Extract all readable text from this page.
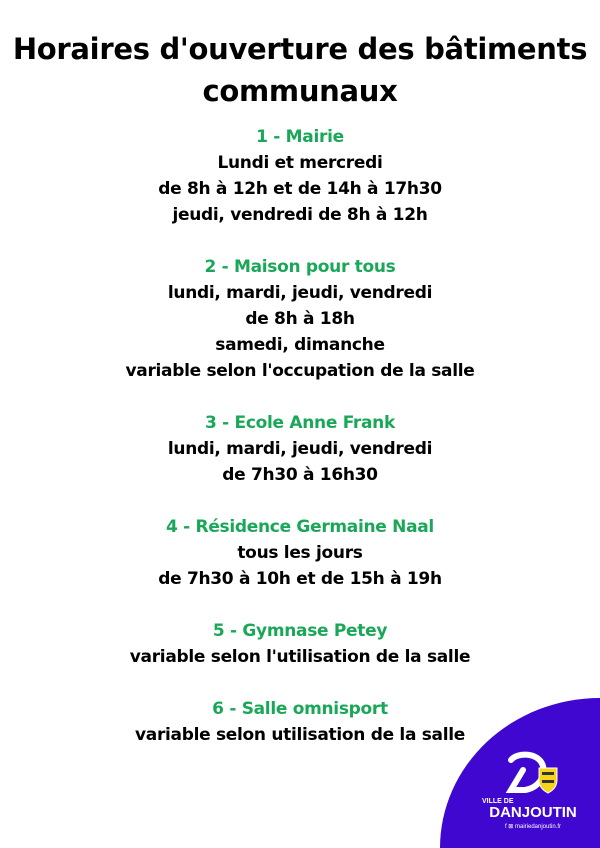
Horaires d'ouverture des bâtiments communaux
1 - Mairie
Lundi et mercredi
de 8h à 12h et de 14h à 17h30
jeudi, vendredi de 8h à 12h
2 - Maison pour tous
lundi, mardi, jeudi, vendredi
de 8h à 18h
samedi, dimanche
variable selon l'occupation de la salle
3 - Ecole Anne Frank
lundi, mardi, jeudi, vendredi
de 7h30 à 16h30
4 - Résidence Germaine Naal
tous les jours
de 7h30 à 10h et de 15h à 19h
5 - Gymnase Petey
variable selon l'utilisation de la salle
6 - Salle omnisport
variable selon utilisation de la salle
VILLE DE
DANJOUTIN
f ⊠ mairiedanjoutin.fr
